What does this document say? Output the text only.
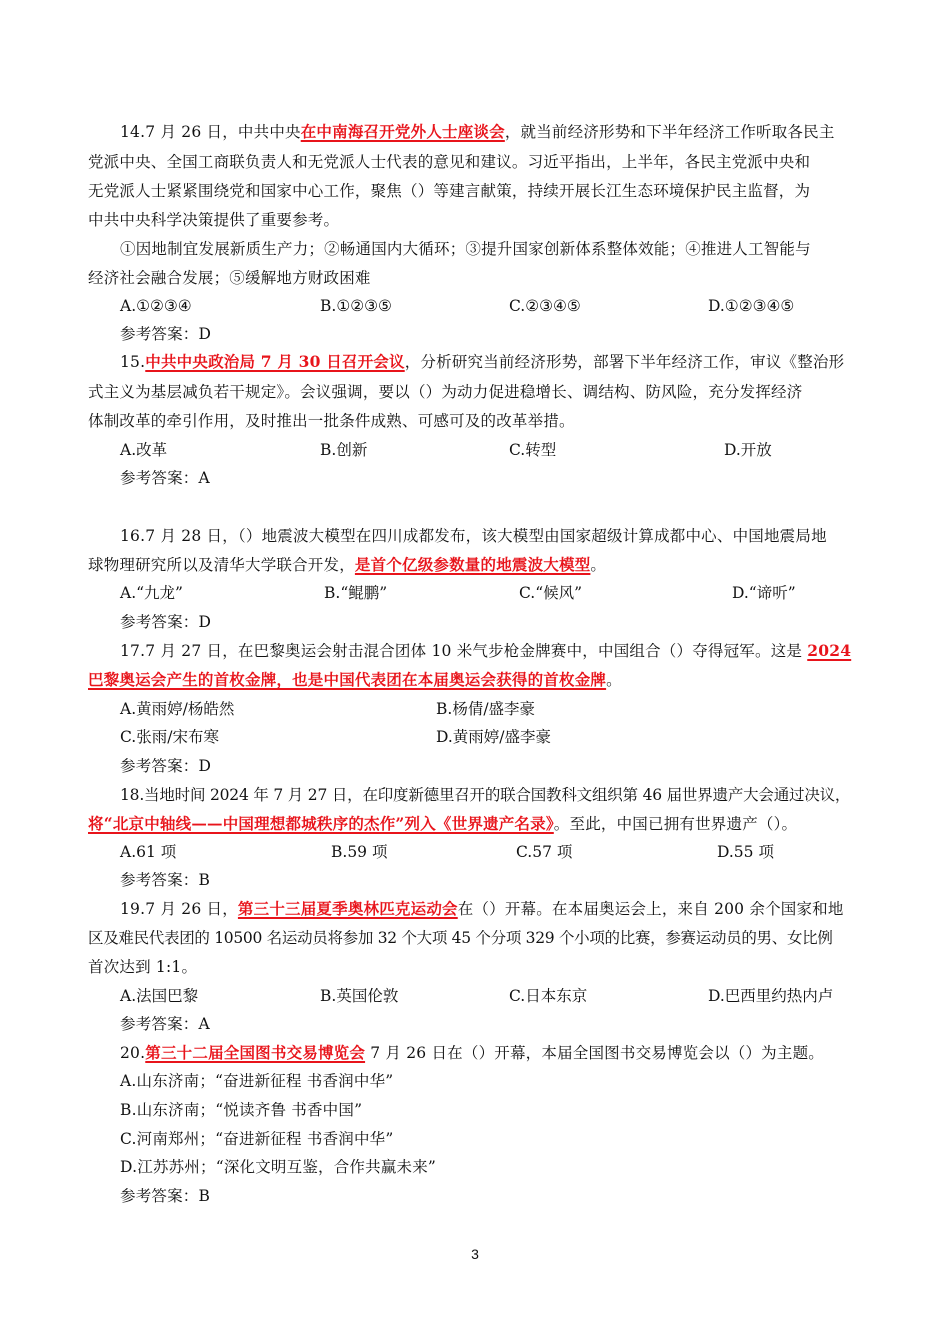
14.7 月 26 日，中共中央在中南海召开党外人士座谈会，就当前经济形势和下半年经济工作听取各民主
党派中央、全国工商联负责人和无党派人士代表的意见和建议。习近平指出，上半年，各民主党派中央和
无党派人士紧紧围绕党和国家中心工作，聚焦（）等建言献策，持续开展长江生态环境保护民主监督，为
中共中央科学决策提供了重要参考。
①因地制宜发展新质生产力；②畅通国内大循环；③提升国家创新体系整体效能；④推进人工智能与
经济社会融合发展；⑤缓解地方财政困难
A.①②③④	B.①②③⑤	C.②③④⑤	D.①②③④⑤
参考答案：D
15.中共中央政治局 7 月 30 日召开会议，分析研究当前经济形势，部署下半年经济工作，审议《整治形
式主义为基层减负若干规定》。会议强调，要以（）为动力促进稳增长、调结构、防风险，充分发挥经济
体制改革的牵引作用，及时推出一批条件成熟、可感可及的改革举措。
A.改革	B.创新	C.转型	D.开放
参考答案：A
16.7 月 28 日，（）地震波大模型在四川成都发布，该大模型由国家超级计算成都中心、中国地震局地
球物理研究所以及清华大学联合开发，是首个亿级参数量的地震波大模型。
A.“九龙”	B.“鲲鹏”	C.“候风”	D.“谛听”
参考答案：D
17.7 月 27 日，在巴黎奥运会射击混合团体 10 米气步枪金牌赛中，中国组合（）夺得冠军。这是 2024
巴黎奥运会产生的首枚金牌，也是中国代表团在本届奥运会获得的首枚金牌。
A.黄雨婷/杨皓然	B.杨倩/盛李豪
C.张雨/宋布寒	D.黄雨婷/盛李豪
参考答案：D
18.当地时间 2024 年 7 月 27 日，在印度新德里召开的联合国教科文组织第 46 届世界遗产大会通过决议，
将“北京中轴线——中国理想都城秩序的杰作”列入《世界遗产名录》。至此，中国已拥有世界遗产（）。
A.61 项	B.59 项	C.57 项	D.55 项
参考答案：B
19.7 月 26 日，第三十三届夏季奥林匹克运动会在（）开幕。在本届奥运会上，来自 200 余个国家和地
区及难民代表团的 10500 名运动员将参加 32 个大项 45 个分项 329 个小项的比赛，参赛运动员的男、女比例
首次达到 1:1。
A.法国巴黎	B.英国伦敦	C.日本东京	D.巴西里约热内卢
参考答案：A
20.第三十二届全国图书交易博览会 7 月 26 日在（）开幕，本届全国图书交易博览会以（）为主题。
A.山东济南；“奋进新征程 书香润中华”
B.山东济南；“悦读齐鲁 书香中国”
C.河南郑州；“奋进新征程 书香润中华”
D.江苏苏州；“深化文明互鉴，合作共赢未来”
参考答案：B
3
